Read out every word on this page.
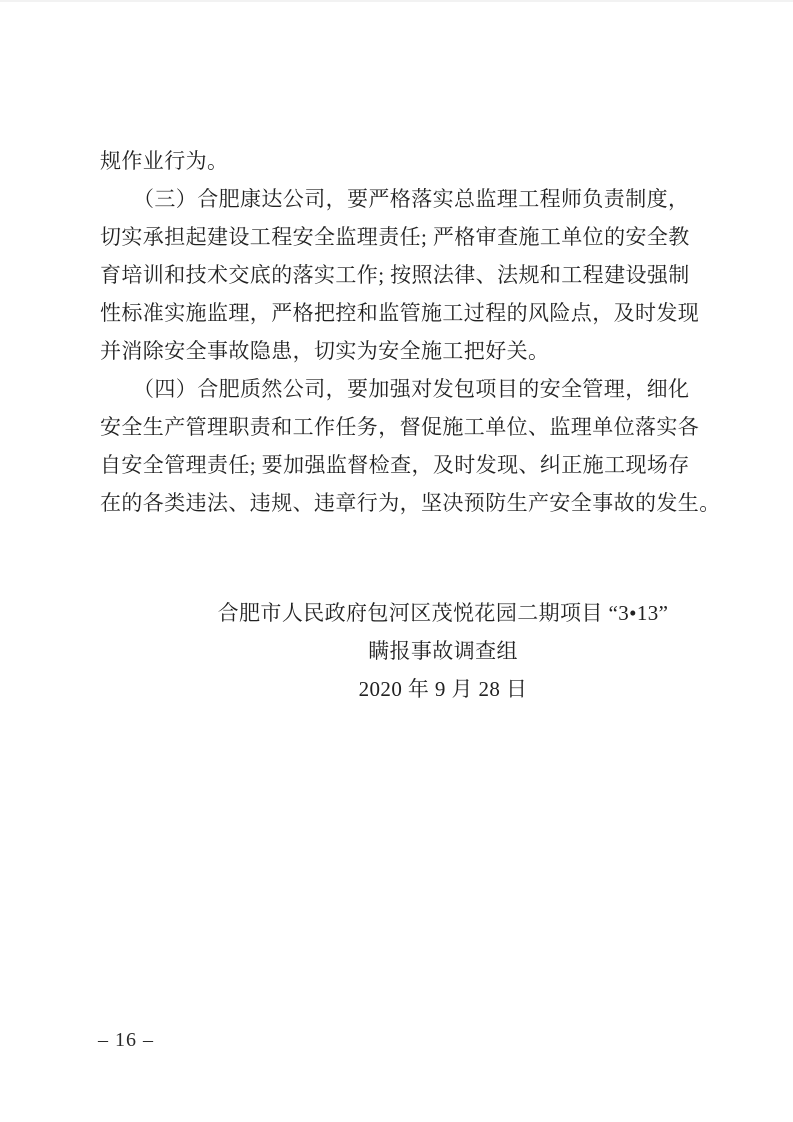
规作业行为。
（三）合肥康达公司，要严格落实总监理工程师负责制度，
切实承担起建设工程安全监理责任; 严格审查施工单位的安全教
育培训和技术交底的落实工作; 按照法律、法规和工程建设强制
性标准实施监理，严格把控和监管施工过程的风险点，及时发现
并消除安全事故隐患，切实为安全施工把好关。
（四）合肥质然公司，要加强对发包项目的安全管理，细化
安全生产管理职责和工作任务，督促施工单位、监理单位落实各
自安全管理责任; 要加强监督检查，及时发现、纠正施工现场存
在的各类违法、违规、违章行为，坚决预防生产安全事故的发生。
合肥市人民政府包河区茂悦花园二期项目 “3•13”
瞒报事故调查组
2020 年 9 月 28 日
– 16 –
